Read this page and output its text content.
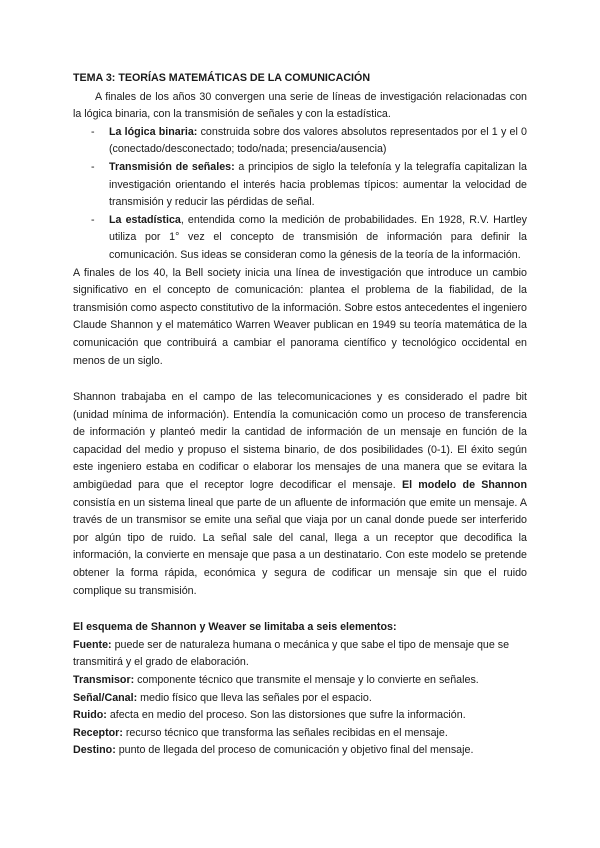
TEMA 3: TEORÍAS MATEMÁTICAS DE LA COMUNICACIÓN

A finales de los años 30 convergen una serie de líneas de investigación relacionadas con la lógica binaria, con la transmisión de señales y con la estadística.

- La lógica binaria: construida sobre dos valores absolutos representados por el 1 y el 0 (conectado/desconectado; todo/nada; presencia/ausencia)
- Transmisión de señales: a principios de siglo la telefonía y la telegrafía capitalizan la investigación orientando el interés hacia problemas típicos: aumentar la velocidad de transmisión y reducir las pérdidas de señal.
- La estadística, entendida como la medición de probabilidades. En 1928, R.V. Hartley utiliza por 1° vez el concepto de transmisión de información para definir la comunicación. Sus ideas se consideran como la génesis de la teoría de la información.

A finales de los 40, la Bell society inicia una línea de investigación que introduce un cambio significativo en el concepto de comunicación: plantea el problema de la fiabilidad, de la transmisión como aspecto constitutivo de la información. Sobre estos antecedentes el ingeniero Claude Shannon y el matemático Warren Weaver publican en 1949 su teoría matemática de la comunicación que contribuirá a cambiar el panorama científico y tecnológico occidental en menos de un siglo.

Shannon trabajaba en el campo de las telecomunicaciones y es considerado el padre bit (unidad mínima de información). Entendía la comunicación como un proceso de transferencia de información y planteó medir la cantidad de información de un mensaje en función de la capacidad del medio y propuso el sistema binario, de dos posibilidades (0-1). El éxito según este ingeniero estaba en codificar o elaborar los mensajes de una manera que se evitara la ambigüedad para que el receptor logre decodificar el mensaje. El modelo de Shannon consistía en un sistema lineal que parte de un afluente de información que emite un mensaje. A través de un transmisor se emite una señal que viaja por un canal donde puede ser interferido por algún tipo de ruido. La señal sale del canal, llega a un receptor que decodifica la información, la convierte en mensaje que pasa a un destinatario. Con este modelo se pretende obtener la forma rápida, económica y segura de codificar un mensaje sin que el ruido complique su transmisión.

El esquema de Shannon y Weaver se limitaba a seis elementos:

Fuente: puede ser de naturaleza humana o mecánica y que sabe el tipo de mensaje que se transmitirá y el grado de elaboración.

Transmisor: componente técnico que transmite el mensaje y lo convierte en señales.

Señal/Canal: medio físico que lleva las señales por el espacio.

Ruido: afecta en medio del proceso. Son las distorsiones que sufre la información.

Receptor: recurso técnico que transforma las señales recibidas en el mensaje.

Destino: punto de llegada del proceso de comunicación y objetivo final del mensaje.
